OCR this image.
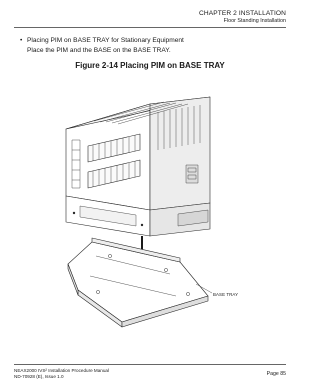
CHAPTER 2 INSTALLATION
Floor Standing Installation
• Placing PIM on BASE TRAY for Stationary Equipment
Place the PIM and the BASE on the BASE TRAY.
Figure 2-14 Placing PIM on BASE TRAY
BASE TRAY
NEAX2000 IVS² Installation Procedure Manual
ND-70928 (E), Issue 1.0	Page 85
